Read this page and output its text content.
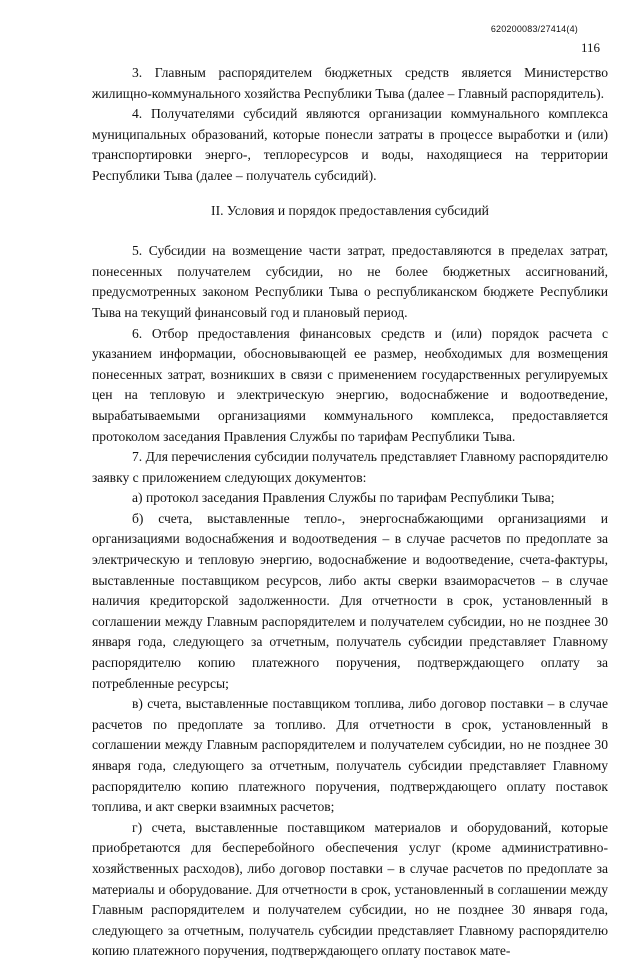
620200083/27414(4)
116

3. Главным распорядителем бюджетных средств является Министерство жилищно-коммунального хозяйства Республики Тыва (далее – Главный распорядитель).

4. Получателями субсидий являются организации коммунального комплекса муниципальных образований, которые понесли затраты в процессе выработки и (или) транспортировки энерго-, теплоресурсов и воды, находящиеся на территории Республики Тыва (далее – получатель субсидий).

II. Условия и порядок предоставления субсидий

5. Субсидии на возмещение части затрат, предоставляются в пределах затрат, понесенных получателем субсидии, но не более бюджетных ассигнований, предусмотренных законом Республики Тыва о республиканском бюджете Республики Тыва на текущий финансовый год и плановый период.

6. Отбор предоставления финансовых средств и (или) порядок расчета с указанием информации, обосновывающей ее размер, необходимых для возмещения понесенных затрат, возникших в связи с применением государственных регулируемых цен на тепловую и электрическую энергию, водоснабжение и водоотведение, вырабатываемыми организациями коммунального комплекса, предоставляется протоколом заседания Правления Службы по тарифам Республики Тыва.

7. Для перечисления субсидии получатель представляет Главному распорядителю заявку с приложением следующих документов:

а) протокол заседания Правления Службы по тарифам Республики Тыва;

б) счета, выставленные тепло-, энергоснабжающими организациями и организациями водоснабжения и водоотведения – в случае расчетов по предоплате за электрическую и тепловую энергию, водоснабжение и водоотведение, счета-фактуры, выставленные поставщиком ресурсов, либо акты сверки взаиморасчетов – в случае наличия кредиторской задолженности. Для отчетности в срок, установленный в соглашении между Главным распорядителем и получателем субсидии, но не позднее 30 января года, следующего за отчетным, получатель субсидии представляет Главному распорядителю копию платежного поручения, подтверждающего оплату за потребленные ресурсы;

в) счета, выставленные поставщиком топлива, либо договор поставки – в случае расчетов по предоплате за топливо. Для отчетности в срок, установленный в соглашении между Главным распорядителем и получателем субсидии, но не позднее 30 января года, следующего за отчетным, получатель субсидии представляет Главному распорядителю копию платежного поручения, подтверждающего оплату поставок топлива, и акт сверки взаимных расчетов;

г) счета, выставленные поставщиком материалов и оборудований, которые приобретаются для бесперебойного обеспечения услуг (кроме административно-хозяйственных расходов), либо договор поставки – в случае расчетов по предоплате за материалы и оборудование. Для отчетности в срок, установленный в соглашении между Главным распорядителем и получателем субсидии, но не позднее 30 января года, следующего за отчетным, получатель субсидии представляет Главному распорядителю копию платежного поручения, подтверждающего оплату поставок мате-
